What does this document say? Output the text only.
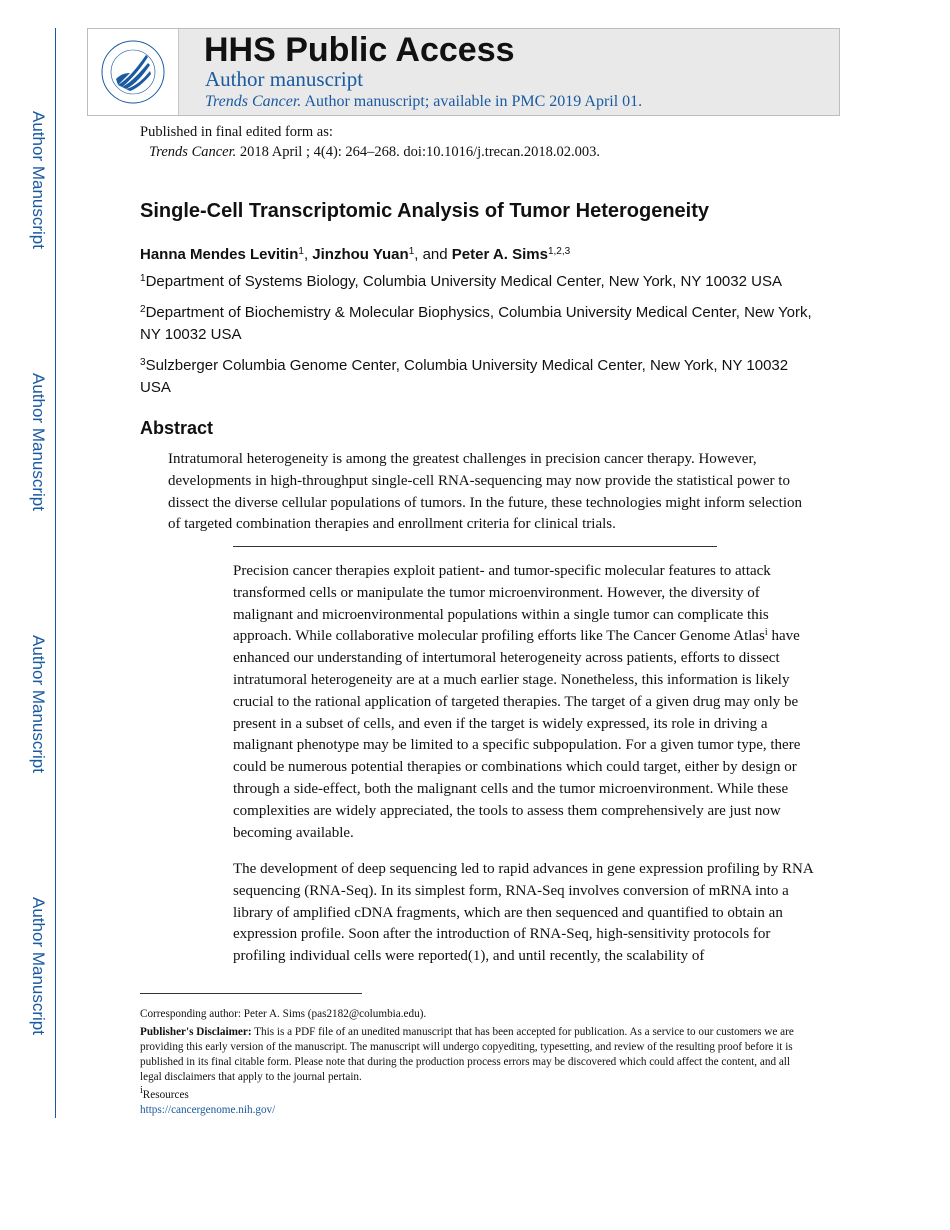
Author Manuscript
Author Manuscript
Author Manuscript
Author Manuscript
HHS Public Access
Author manuscript
Trends Cancer. Author manuscript; available in PMC 2019 April 01.
Published in final edited form as:
Trends Cancer. 2018 April ; 4(4): 264–268. doi:10.1016/j.trecan.2018.02.003.
Single-Cell Transcriptomic Analysis of Tumor Heterogeneity
Hanna Mendes Levitin$^1$, Jinzhou Yuan$^1$, and Peter A. Sims$^{1,2,3}$
$^1$Department of Systems Biology, Columbia University Medical Center, New York, NY 10032 USA
$^2$Department of Biochemistry & Molecular Biophysics, Columbia University Medical Center, New York, NY 10032 USA
$^3$Sulzberger Columbia Genome Center, Columbia University Medical Center, New York, NY 10032 USA
Abstract
Intratumoral heterogeneity is among the greatest challenges in precision cancer therapy. However, developments in high-throughput single-cell RNA-sequencing may now provide the statistical power to dissect the diverse cellular populations of tumors. In the future, these technologies might inform selection of targeted combination therapies and enrollment criteria for clinical trials.
Precision cancer therapies exploit patient- and tumor-specific molecular features to attack transformed cells or manipulate the tumor microenvironment. However, the diversity of malignant and microenvironmental populations within a single tumor can complicate this approach. While collaborative molecular profiling efforts like The Cancer Genome Atlas$^i$ have enhanced our understanding of intertumoral heterogeneity across patients, efforts to dissect intratumoral heterogeneity are at a much earlier stage. Nonetheless, this information is likely crucial to the rational application of targeted therapies. The target of a given drug may only be present in a subset of cells, and even if the target is widely expressed, its role in driving a malignant phenotype may be limited to a specific subpopulation. For a given tumor type, there could be numerous potential therapies or combinations which could target, either by design or through a side-effect, both the malignant cells and the tumor microenvironment. While these complexities are widely appreciated, the tools to assess them comprehensively are just now becoming available.
The development of deep sequencing led to rapid advances in gene expression profiling by RNA sequencing (RNA-Seq). In its simplest form, RNA-Seq involves conversion of mRNA into a library of amplified cDNA fragments, which are then sequenced and quantified to obtain an expression profile. Soon after the introduction of RNA-Seq, high-sensitivity protocols for profiling individual cells were reported(1), and until recently, the scalability of
Corresponding author: Peter A. Sims (pas2182@columbia.edu).
Publisher's Disclaimer: This is a PDF file of an unedited manuscript that has been accepted for publication. As a service to our customers we are providing this early version of the manuscript. The manuscript will undergo copyediting, typesetting, and review of the resulting proof before it is published in its final citable form. Please note that during the production process errors may be discovered which could affect the content, and all legal disclaimers that apply to the journal pertain.
$^i$Resources
https://cancergenome.nih.gov/
